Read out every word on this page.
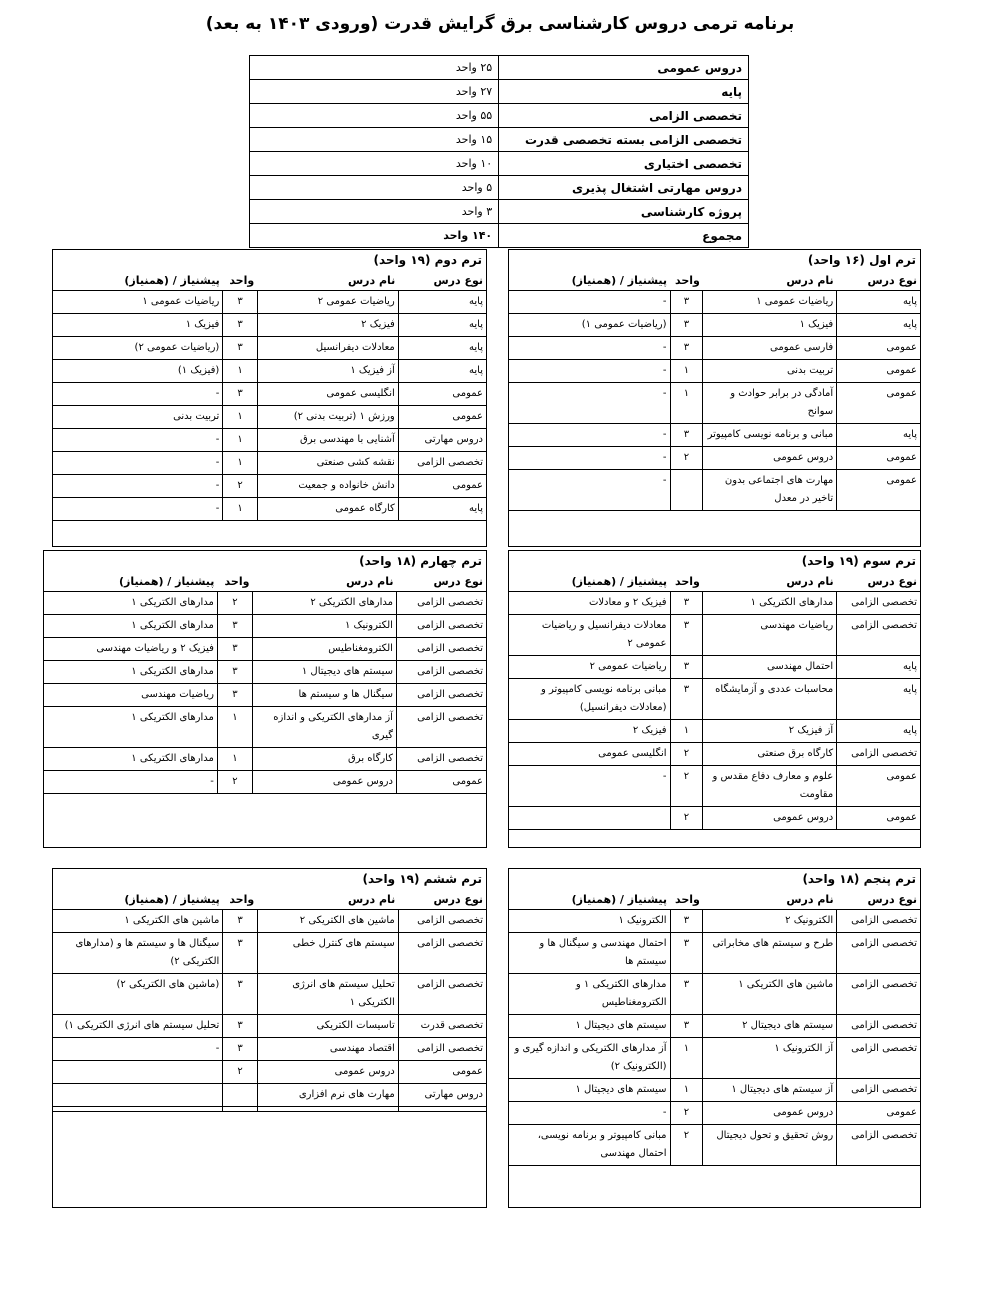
برنامه ترمی دروس کارشناسی برق گرایش قدرت (ورودی ۱۴۰۳ به بعد)
دروس عمومی	۲۵ واحد
پایه	۲۷ واحد
تخصصی الزامی	۵۵ واحد
تخصصی الزامی بسته تخصصی قدرت	۱۵ واحد
تخصصی اختیاری	۱۰ واحد
دروس مهارتی اشتغال پذیری	۵ واحد
پروژه کارشناسی	۳ واحد
مجموع	۱۴۰ واحد
ترم اول (۱۶ واحد)
نوع درس	نام درس	واحد	پیشنیاز / (همنیاز)
پایه	ریاضیات عمومی ۱	۳	-
پایه	فیزیک ۱	۳	(ریاضیات عمومی ۱)
عمومی	فارسی عمومی	۳	-
عمومی	تربیت بدنی	۱	-
عمومی	آمادگی در برابر حوادث و سوانح	۱	-
پایه	مبانی و برنامه نویسی کامپیوتر	۳	-
عمومی	دروس عمومی	۲	-
عمومی	مهارت های اجتماعی بدون تاخیر در معدل		-
ترم دوم (۱۹ واحد)
نوع درس	نام درس	واحد	پیشنیاز / (همنیاز)
پایه	ریاضیات عمومی ۲	۳	ریاضیات عمومی ۱
پایه	فیزیک ۲	۳	فیزیک ۱
پایه	معادلات دیفرانسیل	۳	(ریاضیات عمومی ۲)
پایه	آز فیزیک ۱	۱	(فیزیک ۱)
عمومی	انگلیسی عمومی	۳	-
عمومی	ورزش ۱ (تربیت بدنی ۲)	۱	تربیت بدنی
دروس مهارتی	آشنایی با مهندسی برق	۱	-
تخصصی الزامی	نقشه کشی صنعتی	۱	-
عمومی	دانش خانواده و جمعیت	۲	-
پایه	کارگاه عمومی	۱	-
ترم سوم (۱۹ واحد)
نوع درس	نام درس	واحد	پیشنیاز / (همنیاز)
تخصصی الزامی	مدارهای الکتریکی ۱	۳	فیزیک ۲ و معادلات
تخصصی الزامی	ریاضیات مهندسی	۳	معادلات دیفرانسیل و ریاضیات عمومی ۲
پایه	احتمال مهندسی	۳	ریاضیات عمومی ۲
پایه	محاسبات عددی و آزمایشگاه	۳	مبانی برنامه نویسی کامپیوتر و (معادلات دیفرانسیل)
پایه	آز فیزیک ۲	۱	فیزیک ۲
تخصصی الزامی	کارگاه برق صنعتی	۲	انگلیسی عمومی
عمومی	علوم و معارف دفاع مقدس و مقاومت	۲	-
عمومی	دروس عمومی	۲	
ترم چهارم (۱۸ واحد)
نوع درس	نام درس	واحد	پیشنیاز / (همنیاز)
تخصصی الزامی	مدارهای الکتریکی ۲	۲	مدارهای الکتریکی ۱
تخصصی الزامی	الکترونیک ۱	۳	مدارهای الکتریکی ۱
تخصصی الزامی	الکترومغناطیس	۳	فیزیک ۲ و ریاضیات مهندسی
تخصصی الزامی	سیستم های دیجیتال ۱	۳	مدارهای الکتریکی ۱
تخصصی الزامی	سیگنال ها و سیستم ها	۳	ریاضیات مهندسی
تخصصی الزامی	آز مدارهای الکتریکی و اندازه گیری	۱	مدارهای الکتریکی ۱
تخصصی الزامی	کارگاه برق	۱	مدارهای الکتریکی ۱
عمومی	دروس عمومی	۲	-
ترم پنجم (۱۸ واحد)
نوع درس	نام درس	واحد	پیشنیاز / (همنیاز)
تخصصی الزامی	الکترونیک ۲	۳	الکترونیک ۱
تخصصی الزامی	طرح و سیستم های مخابراتی	۳	احتمال مهندسی و سیگنال ها و سیستم ها
تخصصی الزامی	ماشین های الکتریکی ۱	۳	مدارهای الکتریکی ۱ و الکترومغناطیس
تخصصی الزامی	سیستم های دیجیتال ۲	۳	سیستم های دیجیتال ۱
تخصصی الزامی	آز الکترونیک ۱	۱	آز مدارهای الکتریکی و اندازه گیری و (الکترونیک ۲)
تخصصی الزامی	آز سیستم های دیجیتال ۱	۱	سیستم های دیجیتال ۱
عمومی	دروس عمومی	۲	-
تخصصی الزامی	روش تحقیق و تحول دیجیتال	۲	مبانی کامپیوتر و برنامه نویسی، احتمال مهندسی
ترم ششم (۱۹ واحد)
نوع درس	نام درس	واحد	پیشنیاز / (همنیاز)
تخصصی الزامی	ماشین های الکتریکی ۲	۳	ماشین های الکتریکی ۱
تخصصی الزامی	سیستم های کنترل خطی	۳	سیگنال ها و سیستم ها و (مدارهای الکتریکی ۲)
تخصصی الزامی	تحلیل سیستم های انرژی الکتریکی ۱	۳	(ماشین های الکتریکی ۲)
تخصصی قدرت	تاسیسات الکتریکی	۳	تحلیل سیستم های انرژی الکتریکی ۱)
تخصصی الزامی	اقتصاد مهندسی	۳	-
عمومی	دروس عمومی	۲	
دروس مهارتی	مهارت های نرم افزاری		
